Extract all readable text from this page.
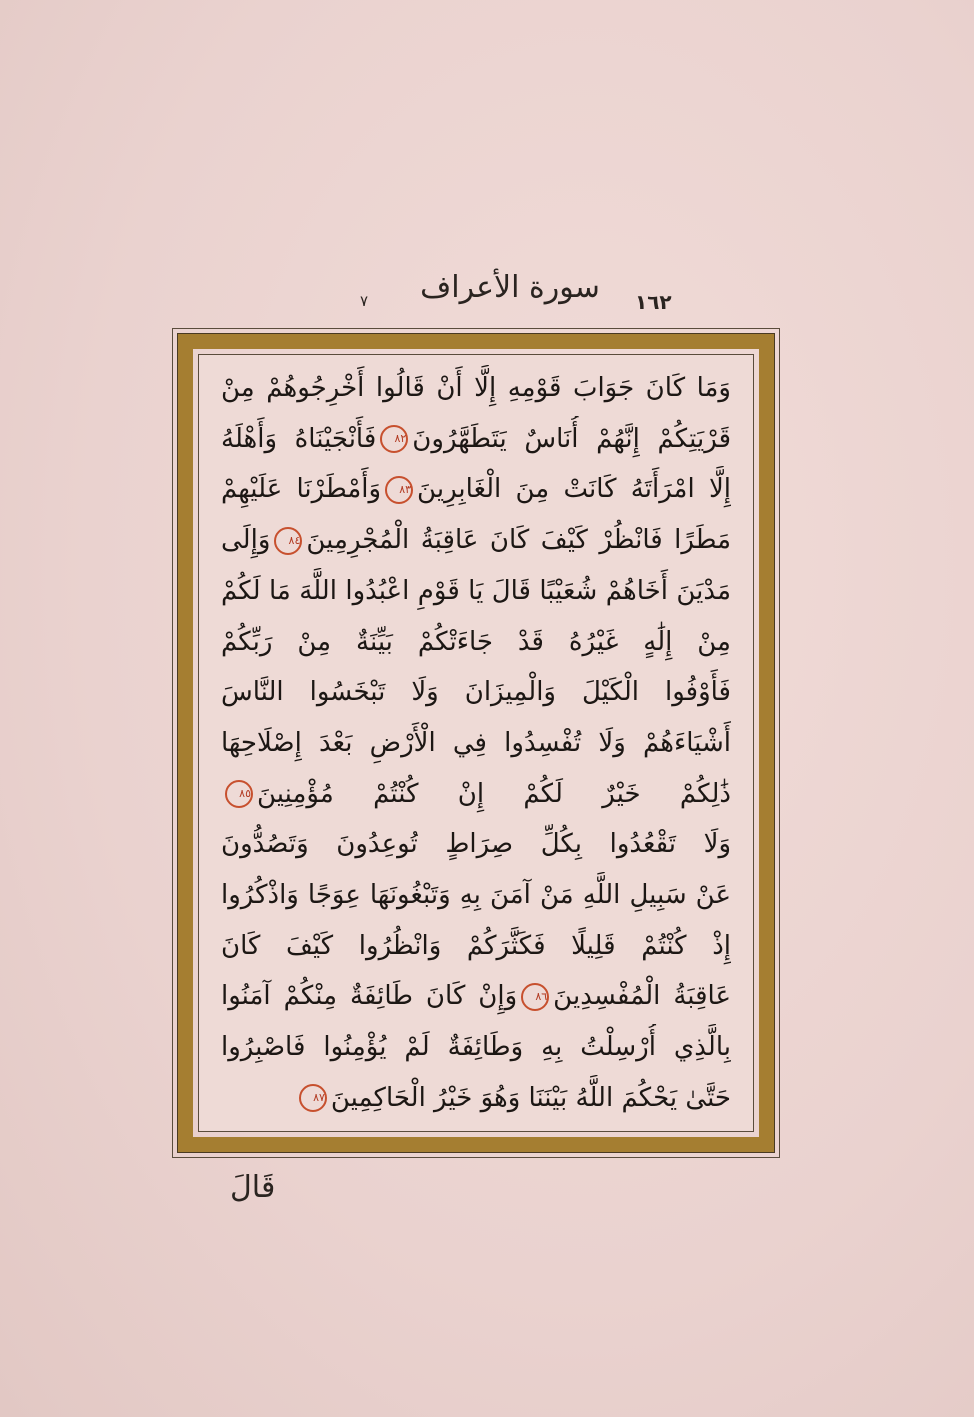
سورة الأعراف
٧	١٦٢
وَمَا كَانَ جَوَابَ قَوْمِهِ إِلَّا أَنْ قَالُوا أَخْرِجُوهُمْ مِنْ
قَرْيَتِكُمْ إِنَّهُمْ أُنَاسٌ يَتَطَهَّرُونَ٨٢فَأَنْجَيْنَاهُ وَأَهْلَهُ
إِلَّا امْرَأَتَهُ كَانَتْ مِنَ الْغَابِرِينَ٨٣وَأَمْطَرْنَا عَلَيْهِمْ
مَطَرًا فَانْظُرْ كَيْفَ كَانَ عَاقِبَةُ الْمُجْرِمِينَ٨٤وَإِلَى
مَدْيَنَ أَخَاهُمْ شُعَيْبًا قَالَ يَا قَوْمِ اعْبُدُوا اللَّهَ مَا لَكُمْ
مِنْ إِلَٰهٍ غَيْرُهُ قَدْ جَاءَتْكُمْ بَيِّنَةٌ مِنْ رَبِّكُمْ
فَأَوْفُوا الْكَيْلَ وَالْمِيزَانَ وَلَا تَبْخَسُوا النَّاسَ
أَشْيَاءَهُمْ وَلَا تُفْسِدُوا فِي الْأَرْضِ بَعْدَ إِصْلَاحِهَا
ذَٰلِكُمْ خَيْرٌ لَكُمْ إِنْ كُنْتُمْ مُؤْمِنِينَ٨٥
وَلَا تَقْعُدُوا بِكُلِّ صِرَاطٍ تُوعِدُونَ وَتَصُدُّونَ
عَنْ سَبِيلِ اللَّهِ مَنْ آمَنَ بِهِ وَتَبْغُونَهَا عِوَجًا وَاذْكُرُوا
إِذْ كُنْتُمْ قَلِيلًا فَكَثَّرَكُمْ وَانْظُرُوا كَيْفَ كَانَ
عَاقِبَةُ الْمُفْسِدِينَ٨٦وَإِنْ كَانَ طَائِفَةٌ مِنْكُمْ آمَنُوا
بِالَّذِي أُرْسِلْتُ بِهِ وَطَائِفَةٌ لَمْ يُؤْمِنُوا فَاصْبِرُوا
حَتَّىٰ يَحْكُمَ اللَّهُ بَيْنَنَا وَهُوَ خَيْرُ الْحَاكِمِينَ٨٧
قَالَ
